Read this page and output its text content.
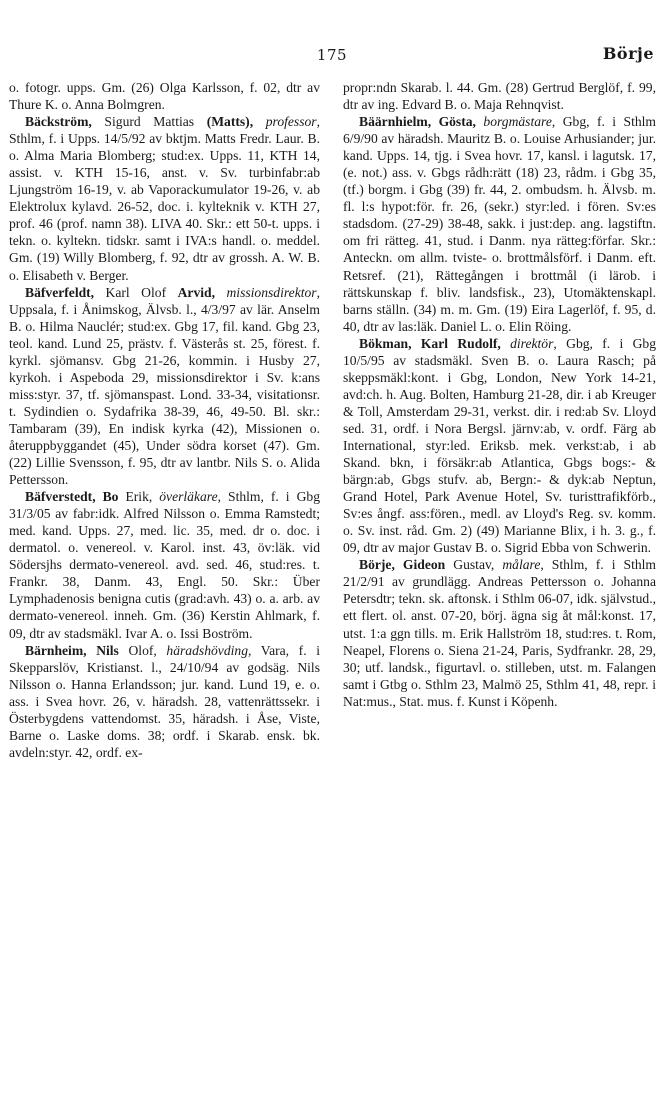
175	Börje

o. fotogr. upps. Gm. (26) Olga Karlsson, f. 02, dtr av Thure K. o. Anna Bolmgren.

Bäckström, Sigurd Mattias (Matts), professor, Sthlm, f. i Upps. 14/5/92 av bktjm. Matts Fredr. Laur. B. o. Alma Maria Blomberg; stud:ex. Upps. 11, KTH 14, assist. v. KTH 15-16, anst. v. Sv. turbinfabr:ab Ljungström 16-19, v. ab Vaporackumulator 19-26, v. ab Elektrolux kylavd. 26-52, doc. i. kylteknik v. KTH 27, prof. 46 (prof. namn 38). LIVA 40. Skr.: ett 50-t. upps. i tekn. o. kyltekn. tidskr. samt i IVA:s handl. o. meddel. Gm. (19) Willy Blomberg, f. 92, dtr av grossh. A. W. B. o. Elisabeth v. Berger.

Bäfverfeldt, Karl Olof Arvid, missionsdirektor, Uppsala, f. i Ånimskog, Älvsb. l., 4/3/97 av lär. Anselm B. o. Hilma Nauclér; stud:ex. Gbg 17, fil. kand. Gbg 23, teol. kand. Lund 25, prästv. f. Västerås st. 25, förest. f. kyrkl. sjömansv. Gbg 21-26, kommin. i Husby 27, kyrkoh. i Aspeboda 29, missionsdirektor i Sv. k:ans miss:styr. 37, tf. sjömanspast. Lond. 33-34, visitationsr. t. Sydindien o. Sydafrika 38-39, 46, 49-50. Bl. skr.: Tambaram (39), En indisk kyrka (42), Missionen o. återuppbyggandet (45), Under södra korset (47). Gm. (22) Lillie Svensson, f. 95, dtr av lantbr. Nils S. o. Alida Pettersson.

Bäfverstedt, Bo Erik, överläkare, Sthlm, f. i Gbg 31/3/05 av fabr:idk. Alfred Nilsson o. Emma Ramstedt; med. kand. Upps. 27, med. lic. 35, med. dr o. doc. i dermatol. o. venereol. v. Karol. inst. 43, öv:läk. vid Södersjhs dermato-venereol. avd. sed. 46, stud:res. t. Frankr. 38, Danm. 43, Engl. 50. Skr.: Über Lymphadenosis benigna cutis (grad:avh. 43) o. a. arb. av dermato-venereol. inneh. Gm. (36) Kerstin Ahlmark, f. 09, dtr av stadsmäkl. Ivar A. o. Issi Boström.

Bärnheim, Nils Olof, häradshövding, Vara, f. i Skepparslöv, Kristianst. l., 24/10/94 av godsäg. Nils Nilsson o. Hanna Erlandsson; jur. kand. Lund 19, e. o. ass. i Svea hovr. 26, v. häradsh. 28, vattenrättssekr. i Österbygdens vattendomst. 35, häradsh. i Åse, Viste, Barne o. Laske doms. 38; ordf. i Skarab. ensk. bk. avdeln:styr. 42, ordf. ex-

propr:ndn Skarab. l. 44. Gm. (28) Gertrud Berglöf, f. 99, dtr av ing. Edvard B. o. Maja Rehnqvist.

Bäärnhielm, Gösta, borgmästare, Gbg, f. i Sthlm 6/9/90 av häradsh. Mauritz B. o. Louise Arhusiander; jur. kand. Upps. 14, tjg. i Svea hovr. 17, kansl. i lagutsk. 17, (e. not.) ass. v. Gbgs rådh:rätt (18) 23, rådm. i Gbg 35, (tf.) borgm. i Gbg (39) fr. 44, 2. ombudsm. h. Älvsb. m. fl. l:s hypot:för. fr. 26, (sekr.) styr:led. i fören. Sv:es stadsdom. (27-29) 38-48, sakk. i just:dep. ang. lagstiftn. om fri rätteg. 41, stud. i Danm. nya rätteg:förfar. Skr.: Anteckn. om allm. tviste- o. brottmålsförf. i Danm. eft. Retsref. (21), Rättegången i brottmål (i lärob. i rättskunskap f. bliv. landsfisk., 23), Utomäktenskapl. barns ställn. (34) m. m. Gm. (19) Eira Lagerlöf, f. 95, d. 40, dtr av las:läk. Daniel L. o. Elin Röing.

Bökman, Karl Rudolf, direktör, Gbg, f. i Gbg 10/5/95 av stadsmäkl. Sven B. o. Laura Rasch; på skeppsmäkl:kont. i Gbg, London, New York 14-21, avd:ch. h. Aug. Bolten, Hamburg 21-28, dir. i ab Kreuger & Toll, Amsterdam 29-31, verkst. dir. i red:ab Sv. Lloyd sed. 31, ordf. i Nora Bergsl. järnv:ab, v. ordf. Färg ab International, styr:led. Eriksb. mek. verkst:ab, i ab Skand. bkn, i försäkr:ab Atlantica, Gbgs bogs:- & bärgn:ab, Gbgs stufv. ab, Bergn:- & dyk:ab Neptun, Grand Hotel, Park Avenue Hotel, Sv. turisttrafikförb., Sv:es ångf. ass:fören., medl. av Lloyd's Reg. sv. komm. o. Sv. inst. råd. Gm. 2) (49) Marianne Blix, i h. 3. g., f. 09, dtr av major Gustav B. o. Sigrid Ebba von Schwerin.

Börje, Gideon Gustav, målare, Sthlm, f. i Sthlm 21/2/91 av grundlägg. Andreas Pettersson o. Johanna Petersdtr; tekn. sk. aftonsk. i Sthlm 06-07, idk. självstud., ett flert. ol. anst. 07-20, börj. ägna sig åt mål:konst. 17, utst. 1:a ggn tills. m. Erik Hallström 18, stud:res. t. Rom, Neapel, Florens o. Siena 21-24, Paris, Sydfrankr. 28, 29, 30; utf. landsk., figurtavl. o. stilleben, utst. m. Falangen samt i Gtbg o. Sthlm 23, Malmö 25, Sthlm 41, 48, repr. i Nat:mus., Stat. mus. f. Kunst i Köpenh.
